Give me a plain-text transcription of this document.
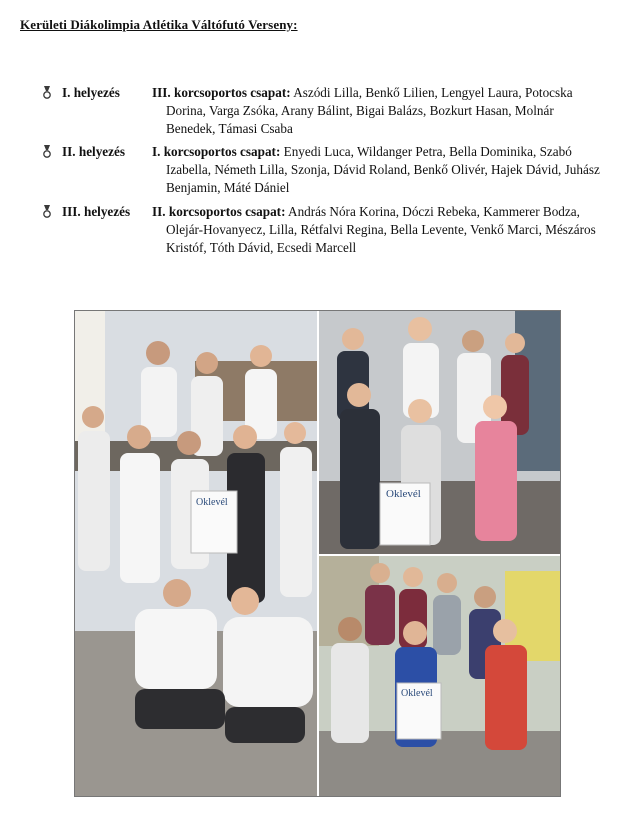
Kerületi Diákolimpia Atlétika Váltófutó Verseny:
I. helyezés III. korcsoportos csapat: Aszódi Lilla, Benkő Lilien, Lengyel Laura, Potocska Dorina, Varga Zsóka, Arany Bálint, Bigai Balázs, Bozkurt Hasan, Molnár Benedek, Támasi Csaba
II. helyezés I. korcsoportos csapat: Enyedi Luca, Wildanger Petra, Bella Dominika, Szabó Izabella, Németh Lilla, Szonja, Dávid Roland, Benkő Olivér, Hajek Dávid, Juhász Benjamin, Máté Dániel
III. helyezés II. korcsoportos csapat: András Nóra Korina, Dóczi Rebeka, Kammerer Bodza, Olejár-Hovanyecz, Lilla, Rétfalvi Regina, Bella Levente, Venkő Marci, Mészáros Kristóf, Tóth Dávid, Ecsedi Marcell
Oklevél
Oklevél
Oklevél
